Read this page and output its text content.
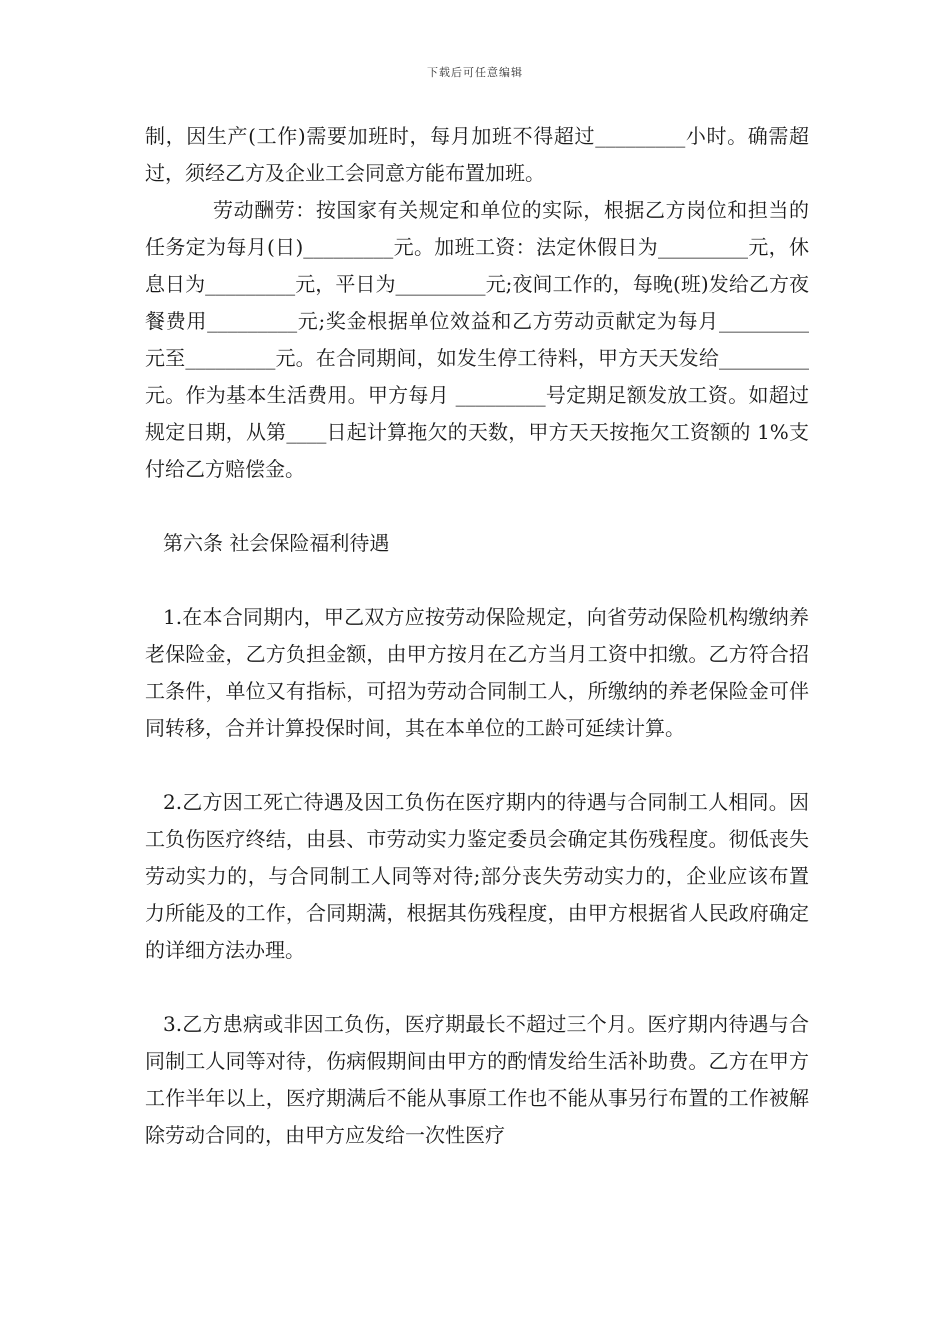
下载后可任意编辑

制，因生产(工作)需要加班时，每月加班不得超过_________小时。确需超过，须经乙方及企业工会同意方能布置加班。

劳动酬劳：按国家有关规定和单位的实际，根据乙方岗位和担当的任务定为每月(日)_________元。加班工资：法定休假日为_________元，休息日为_________元，平日为_________元;夜间工作的，每晚(班)发给乙方夜餐费用_________元;奖金根据单位效益和乙方劳动贡献定为每月_________元至_________元。在合同期间，如发生停工待料，甲方天天发给_________元。作为基本生活费用。甲方每月 _________号定期足额发放工资。如超过规定日期，从第____日起计算拖欠的天数，甲方天天按拖欠工资额的 1%支付给乙方赔偿金。

第六条 社会保险福利待遇

1.在本合同期内，甲乙双方应按劳动保险规定，向省劳动保险机构缴纳养老保险金，乙方负担金额，由甲方按月在乙方当月工资中扣缴。乙方符合招工条件，单位又有指标，可招为劳动合同制工人，所缴纳的养老保险金可伴同转移，合并计算投保时间，其在本单位的工龄可延续计算。

2.乙方因工死亡待遇及因工负伤在医疗期内的待遇与合同制工人相同。因工负伤医疗终结，由县、市劳动实力鉴定委员会确定其伤残程度。彻低丧失劳动实力的，与合同制工人同等对待;部分丧失劳动实力的，企业应该布置力所能及的工作，合同期满，根据其伤残程度，由甲方根据省人民政府确定的详细方法办理。

3.乙方患病或非因工负伤，医疗期最长不超过三个月。医疗期内待遇与合同制工人同等对待，伤病假期间由甲方的酌情发给生活补助费。乙方在甲方工作半年以上，医疗期满后不能从事原工作也不能从事另行布置的工作被解除劳动合同的，由甲方应发给一次性医疗
